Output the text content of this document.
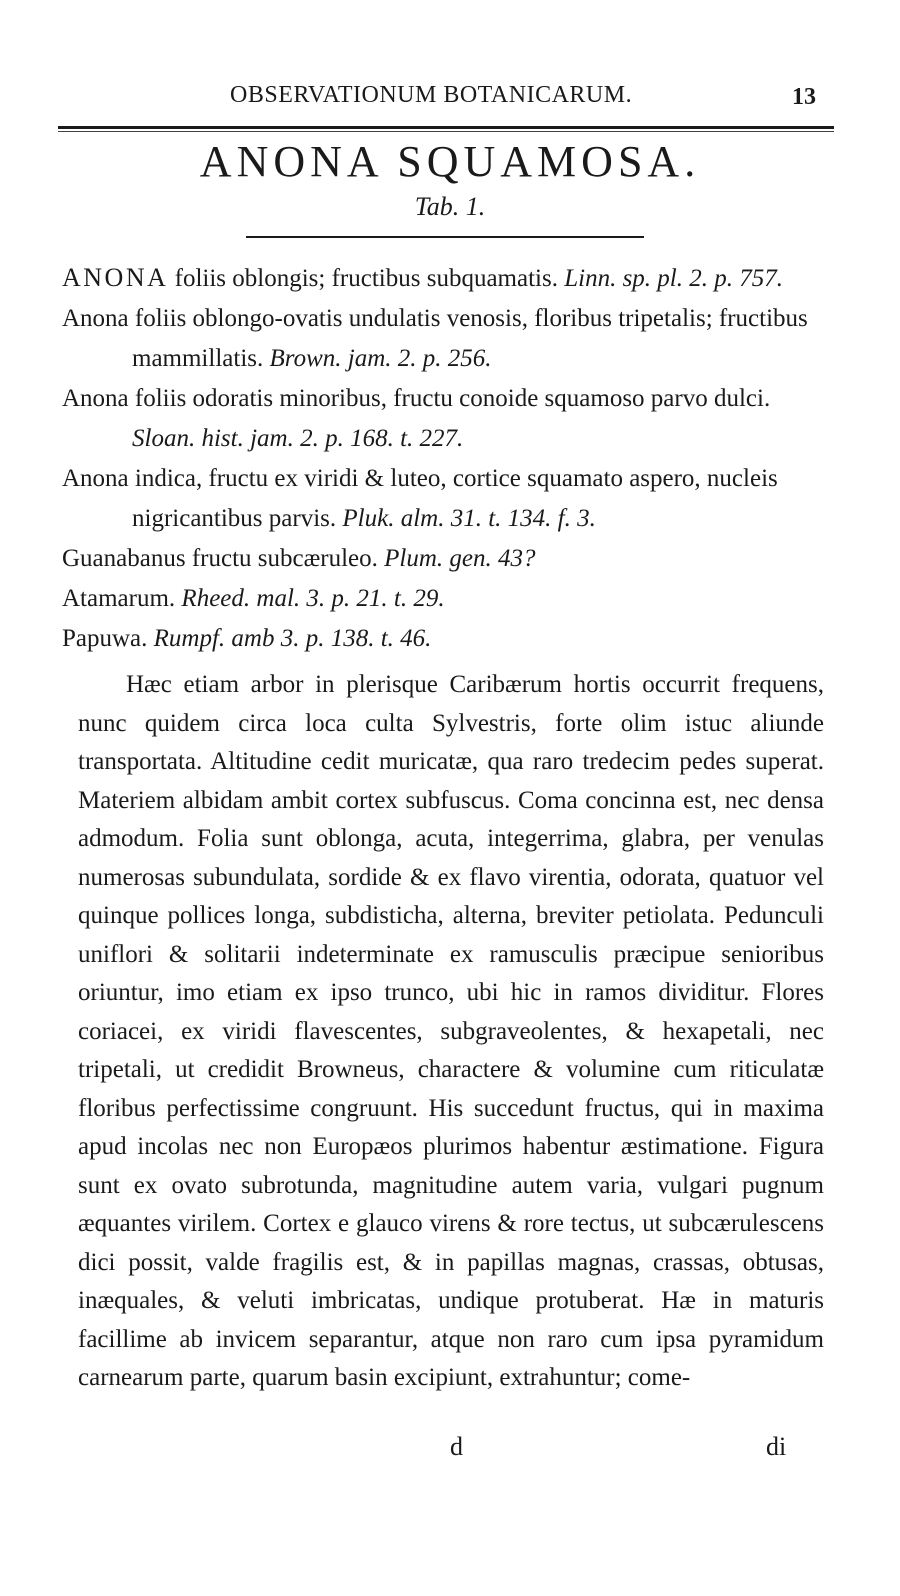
OBSERVATIONUM BOTANICARUM.	13
ANONA SQUAMOSA.
Tab. 1.

ANONA foliis oblongis; fructibus subquamatis. Linn. sp. pl. 2. p. 757.

Anona foliis oblongo-ovatis undulatis venosis, floribus tripetalis; fructibus mammillatis. Brown. jam. 2. p. 256.

Anona foliis odoratis minoribus, fructu conoide squamoso parvo dulci. Sloan. hist. jam. 2. p. 168. t. 227.

Anona indica, fructu ex viridi & luteo, cortice squamato aspero, nucleis nigricantibus parvis. Pluk. alm. 31. t. 134. f. 3.

Guanabanus fructu subcæruleo. Plum. gen. 43?

Atamarum. Rheed. mal. 3. p. 21. t. 29.

Papuwa. Rumpf. amb 3. p. 138. t. 46.

Hæc etiam arbor in plerisque Caribærum hortis occurrit frequens, nunc quidem circa loca culta Sylvestris, forte olim istuc aliunde transportata. Altitudine cedit muricatæ, qua raro tredecim pedes superat. Materiem albidam ambit cortex subfuscus. Coma concinna est, nec densa admodum. Folia sunt oblonga, acuta, integerrima, glabra, per venulas numerosas subundulata, sordide & ex flavo virentia, odorata, quatuor vel quinque pollices longa, subdisticha, alterna, breviter petiolata. Pedunculi uniflori & solitarii indeterminate ex ramusculis præcipue senioribus oriuntur, imo etiam ex ipso trunco, ubi hic in ramos dividitur. Flores coriacei, ex viridi flavescentes, subgraveolentes, & hexapetali, nec tripetali, ut credidit Browneus, charactere & volumine cum riticulatæ floribus perfectissime congruunt. His succedunt fructus, qui in maxima apud incolas nec non Europæos plurimos habentur æstimatione. Figura sunt ex ovato subrotunda, magnitudine autem varia, vulgari pugnum æquantes virilem. Cortex e glauco virens & rore tectus, ut subcærulescens dici possit, valde fragilis est, & in papillas magnas, crassas, obtusas, inæquales, & veluti imbricatas, undique protuberat. Hæ in maturis facillime ab invicem separantur, atque non raro cum ipsa pyramidum carnearum parte, quarum basin excipiunt, extrahuntur; come-

d	di
